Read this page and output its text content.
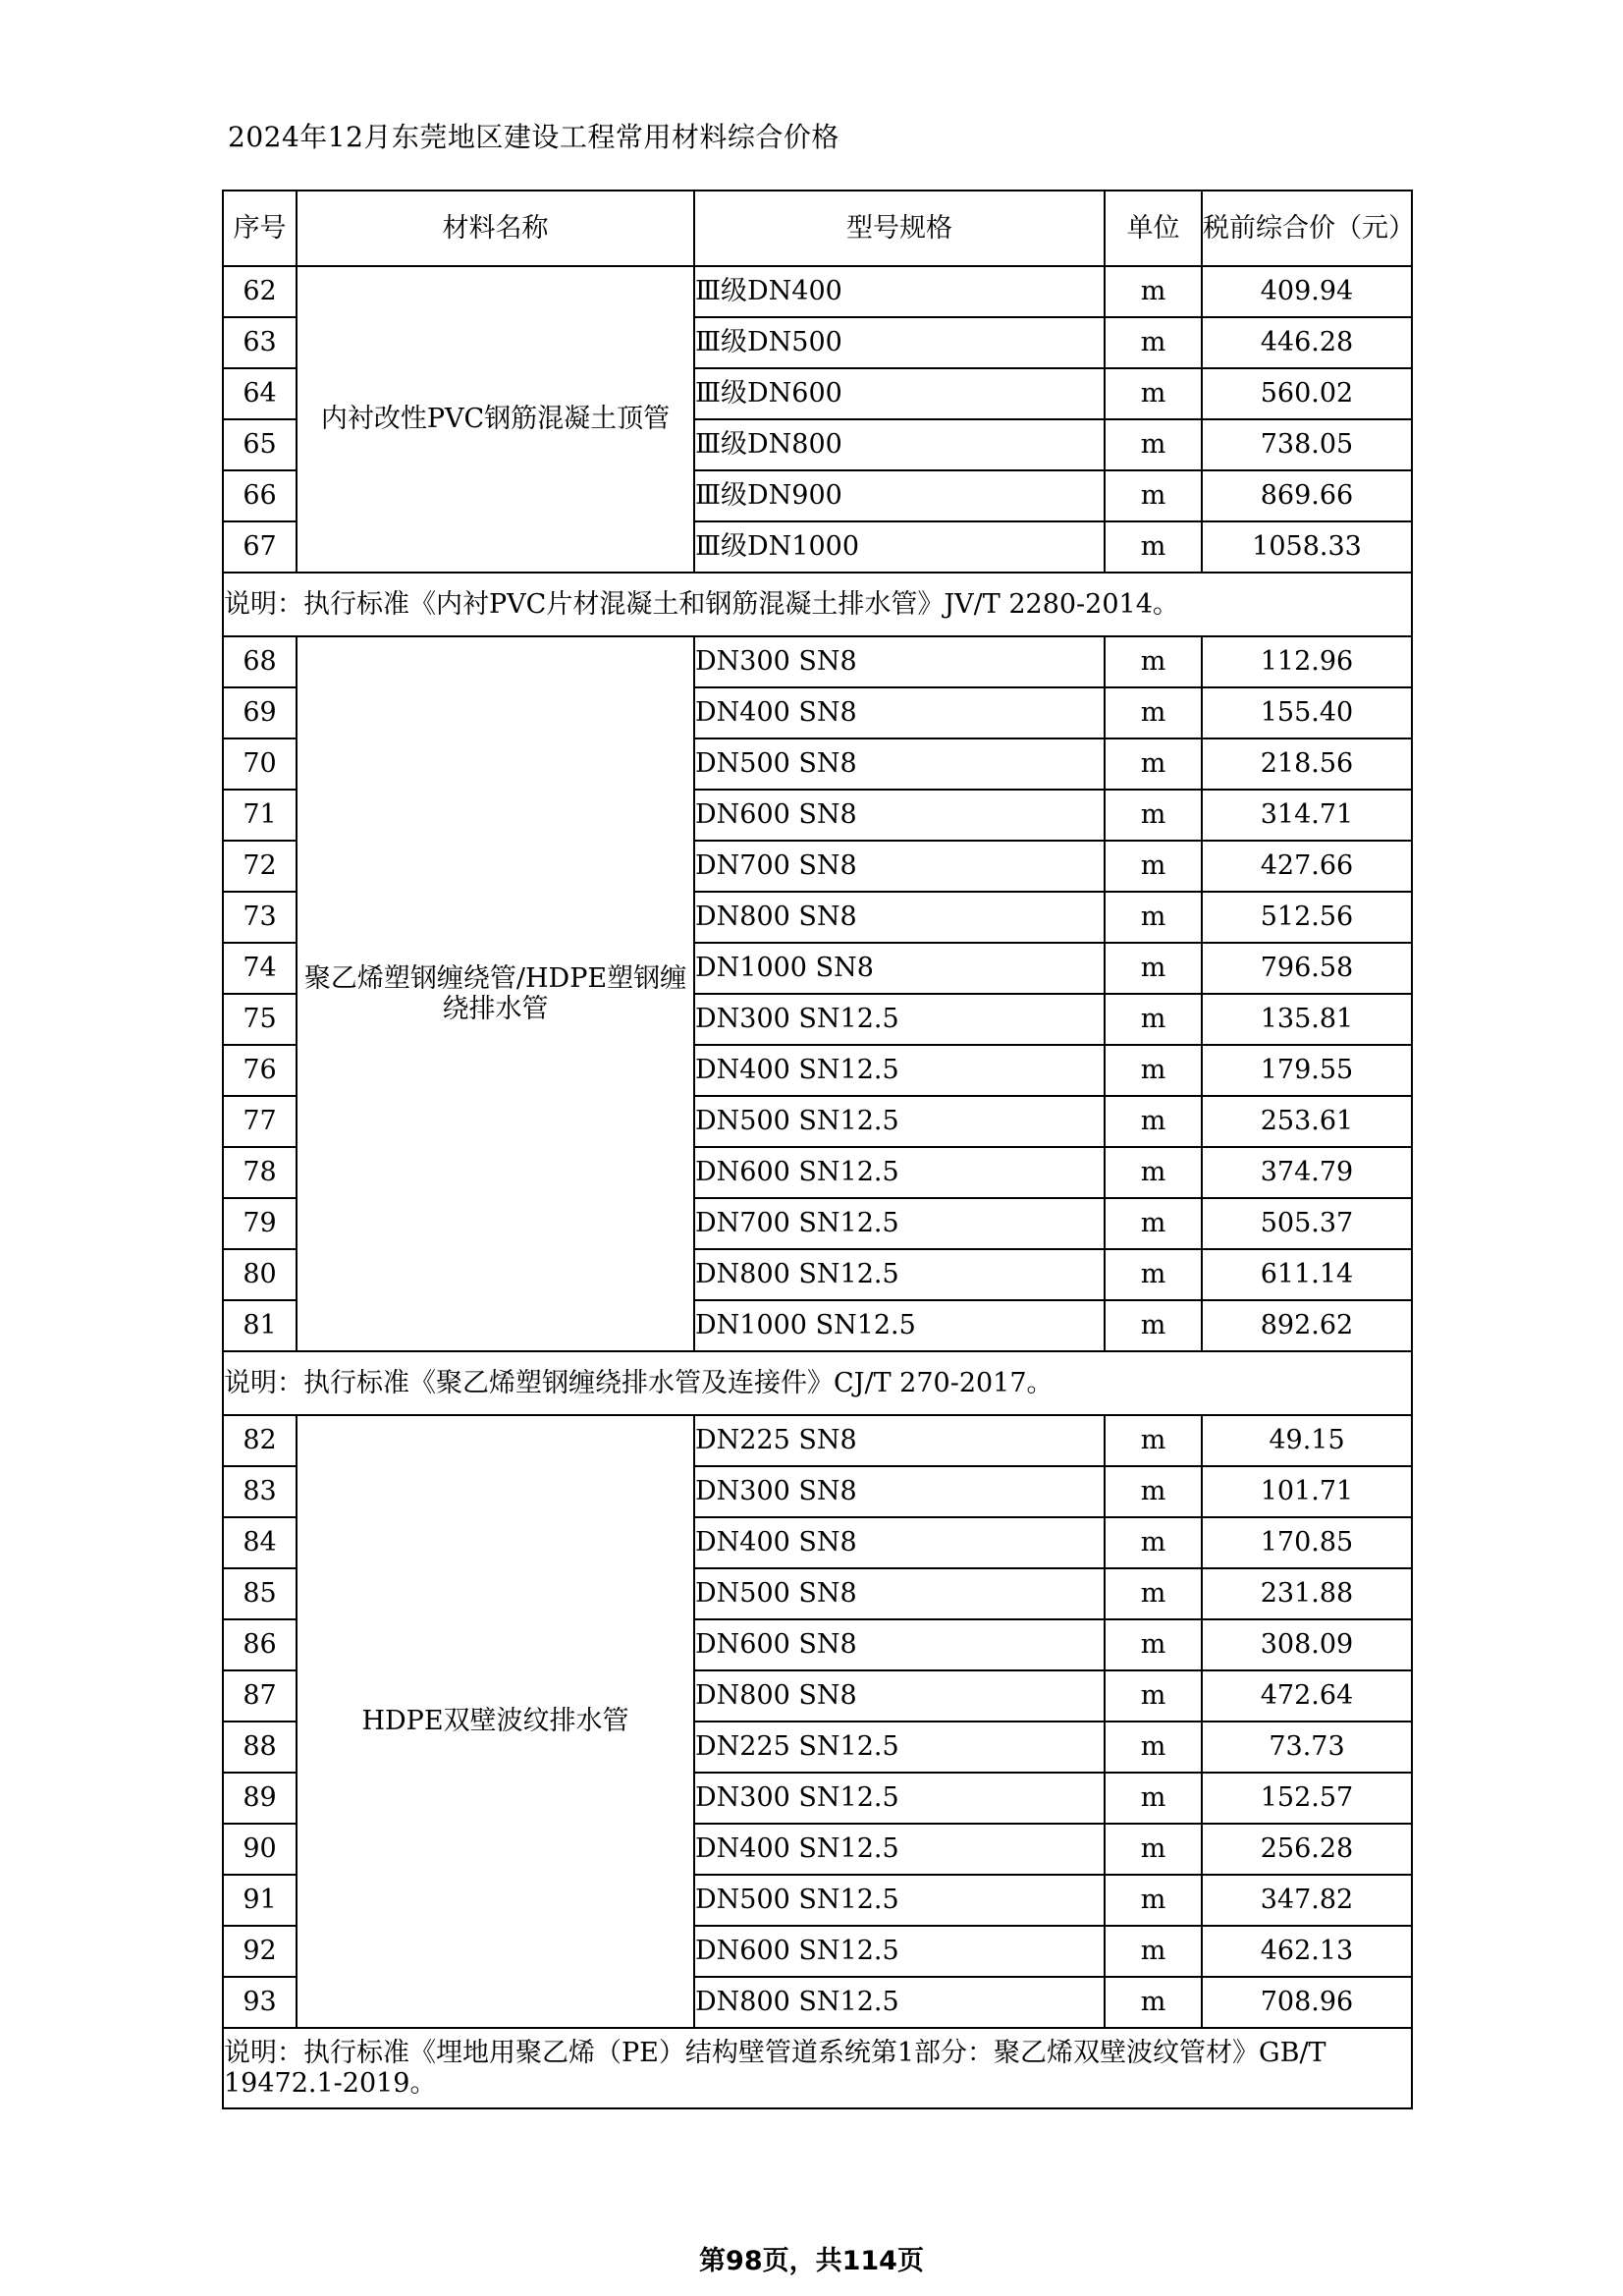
2024年12月东莞地区建设工程常用材料综合价格
序号	材料名称	型号规格	单位	税前综合价（元）
62	内衬改性PVC钢筋混凝土顶管	Ⅲ级DN400	m	409.94
63		Ⅲ级DN500	m	446.28
64		Ⅲ级DN600	m	560.02
65		Ⅲ级DN800	m	738.05
66		Ⅲ级DN900	m	869.66
67		Ⅲ级DN1000	m	1058.33
说明：执行标准《内衬PVC片材混凝土和钢筋混凝土排水管》JV/T 2280-2014。				
68	聚乙烯塑钢缠绕管/HDPE塑钢缠绕排水管	DN300 SN8	m	112.96
69		DN400 SN8	m	155.40
70		DN500 SN8	m	218.56
71		DN600 SN8	m	314.71
72		DN700 SN8	m	427.66
73		DN800 SN8	m	512.56
74		DN1000 SN8	m	796.58
75		DN300 SN12.5	m	135.81
76		DN400 SN12.5	m	179.55
77		DN500 SN12.5	m	253.61
78		DN600 SN12.5	m	374.79
79		DN700 SN12.5	m	505.37
80		DN800 SN12.5	m	611.14
81		DN1000 SN12.5	m	892.62
说明：执行标准《聚乙烯塑钢缠绕排水管及连接件》CJ/T 270-2017。				
82	HDPE双壁波纹排水管	DN225 SN8	m	49.15
83		DN300 SN8	m	101.71
84		DN400 SN8	m	170.85
85		DN500 SN8	m	231.88
86		DN600 SN8	m	308.09
87		DN800 SN8	m	472.64
88		DN225 SN12.5	m	73.73
89		DN300 SN12.5	m	152.57
90		DN400 SN12.5	m	256.28
91		DN500 SN12.5	m	347.82
92		DN600 SN12.5	m	462.13
93		DN800 SN12.5	m	708.96
说明：执行标准《埋地用聚乙烯（PE）结构壁管道系统第1部分：聚乙烯双壁波纹管材》GB/T 19472.1-2019。				
第98页，共114页
